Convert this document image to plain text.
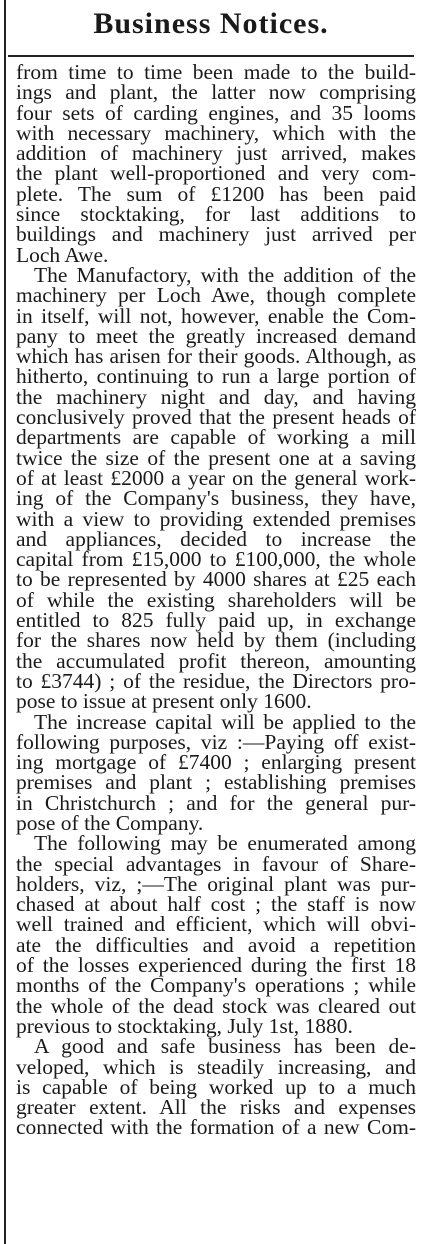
Business Notices.
from time to time been made to the build-
ings and plant, the latter now comprising
four sets of carding engines, and 35 looms
with necessary machinery, which with the
addition of machinery just arrived, makes
the plant well-proportioned and very com-
plete. The sum of £1200 has been paid
since stocktaking, for last additions to
buildings and machinery just arrived per
Loch Awe.
The Manufactory, with the addition of the
machinery per Loch Awe, though complete
in itself, will not, however, enable the Com-
pany to meet the greatly increased demand
which has arisen for their goods. Although, as
hitherto, continuing to run a large portion of
the machinery night and day, and having
conclusively proved that the present heads of
departments are capable of working a mill
twice the size of the present one at a saving
of at least £2000 a year on the general work-
ing of the Company's business, they have,
with a view to providing extended premises
and appliances, decided to increase the
capital from £15,000 to £100,000, the whole
to be represented by 4000 shares at £25 each
of while the existing shareholders will be
entitled to 825 fully paid up, in exchange
for the shares now held by them (including
the accumulated profit thereon, amounting
to £3744) ; of the residue, the Directors pro-
pose to issue at present only 1600.
The increase capital will be applied to the
following purposes, viz :—Paying off exist-
ing mortgage of £7400 ; enlarging present
premises and plant ; establishing premises
in Christchurch ; and for the general pur-
pose of the Company.
The following may be enumerated among
the special advantages in favour of Share-
holders, viz, ;—The original plant was pur-
chased at about half cost ; the staff is now
well trained and efficient, which will obvi-
ate the difficulties and avoid a repetition
of the losses experienced during the first 18
months of the Company's operations ; while
the whole of the dead stock was cleared out
previous to stocktaking, July 1st, 1880.
A good and safe business has been de-
veloped, which is steadily increasing, and
is capable of being worked up to a much
greater extent. All the risks and expenses
connected with the formation of a new Com-
